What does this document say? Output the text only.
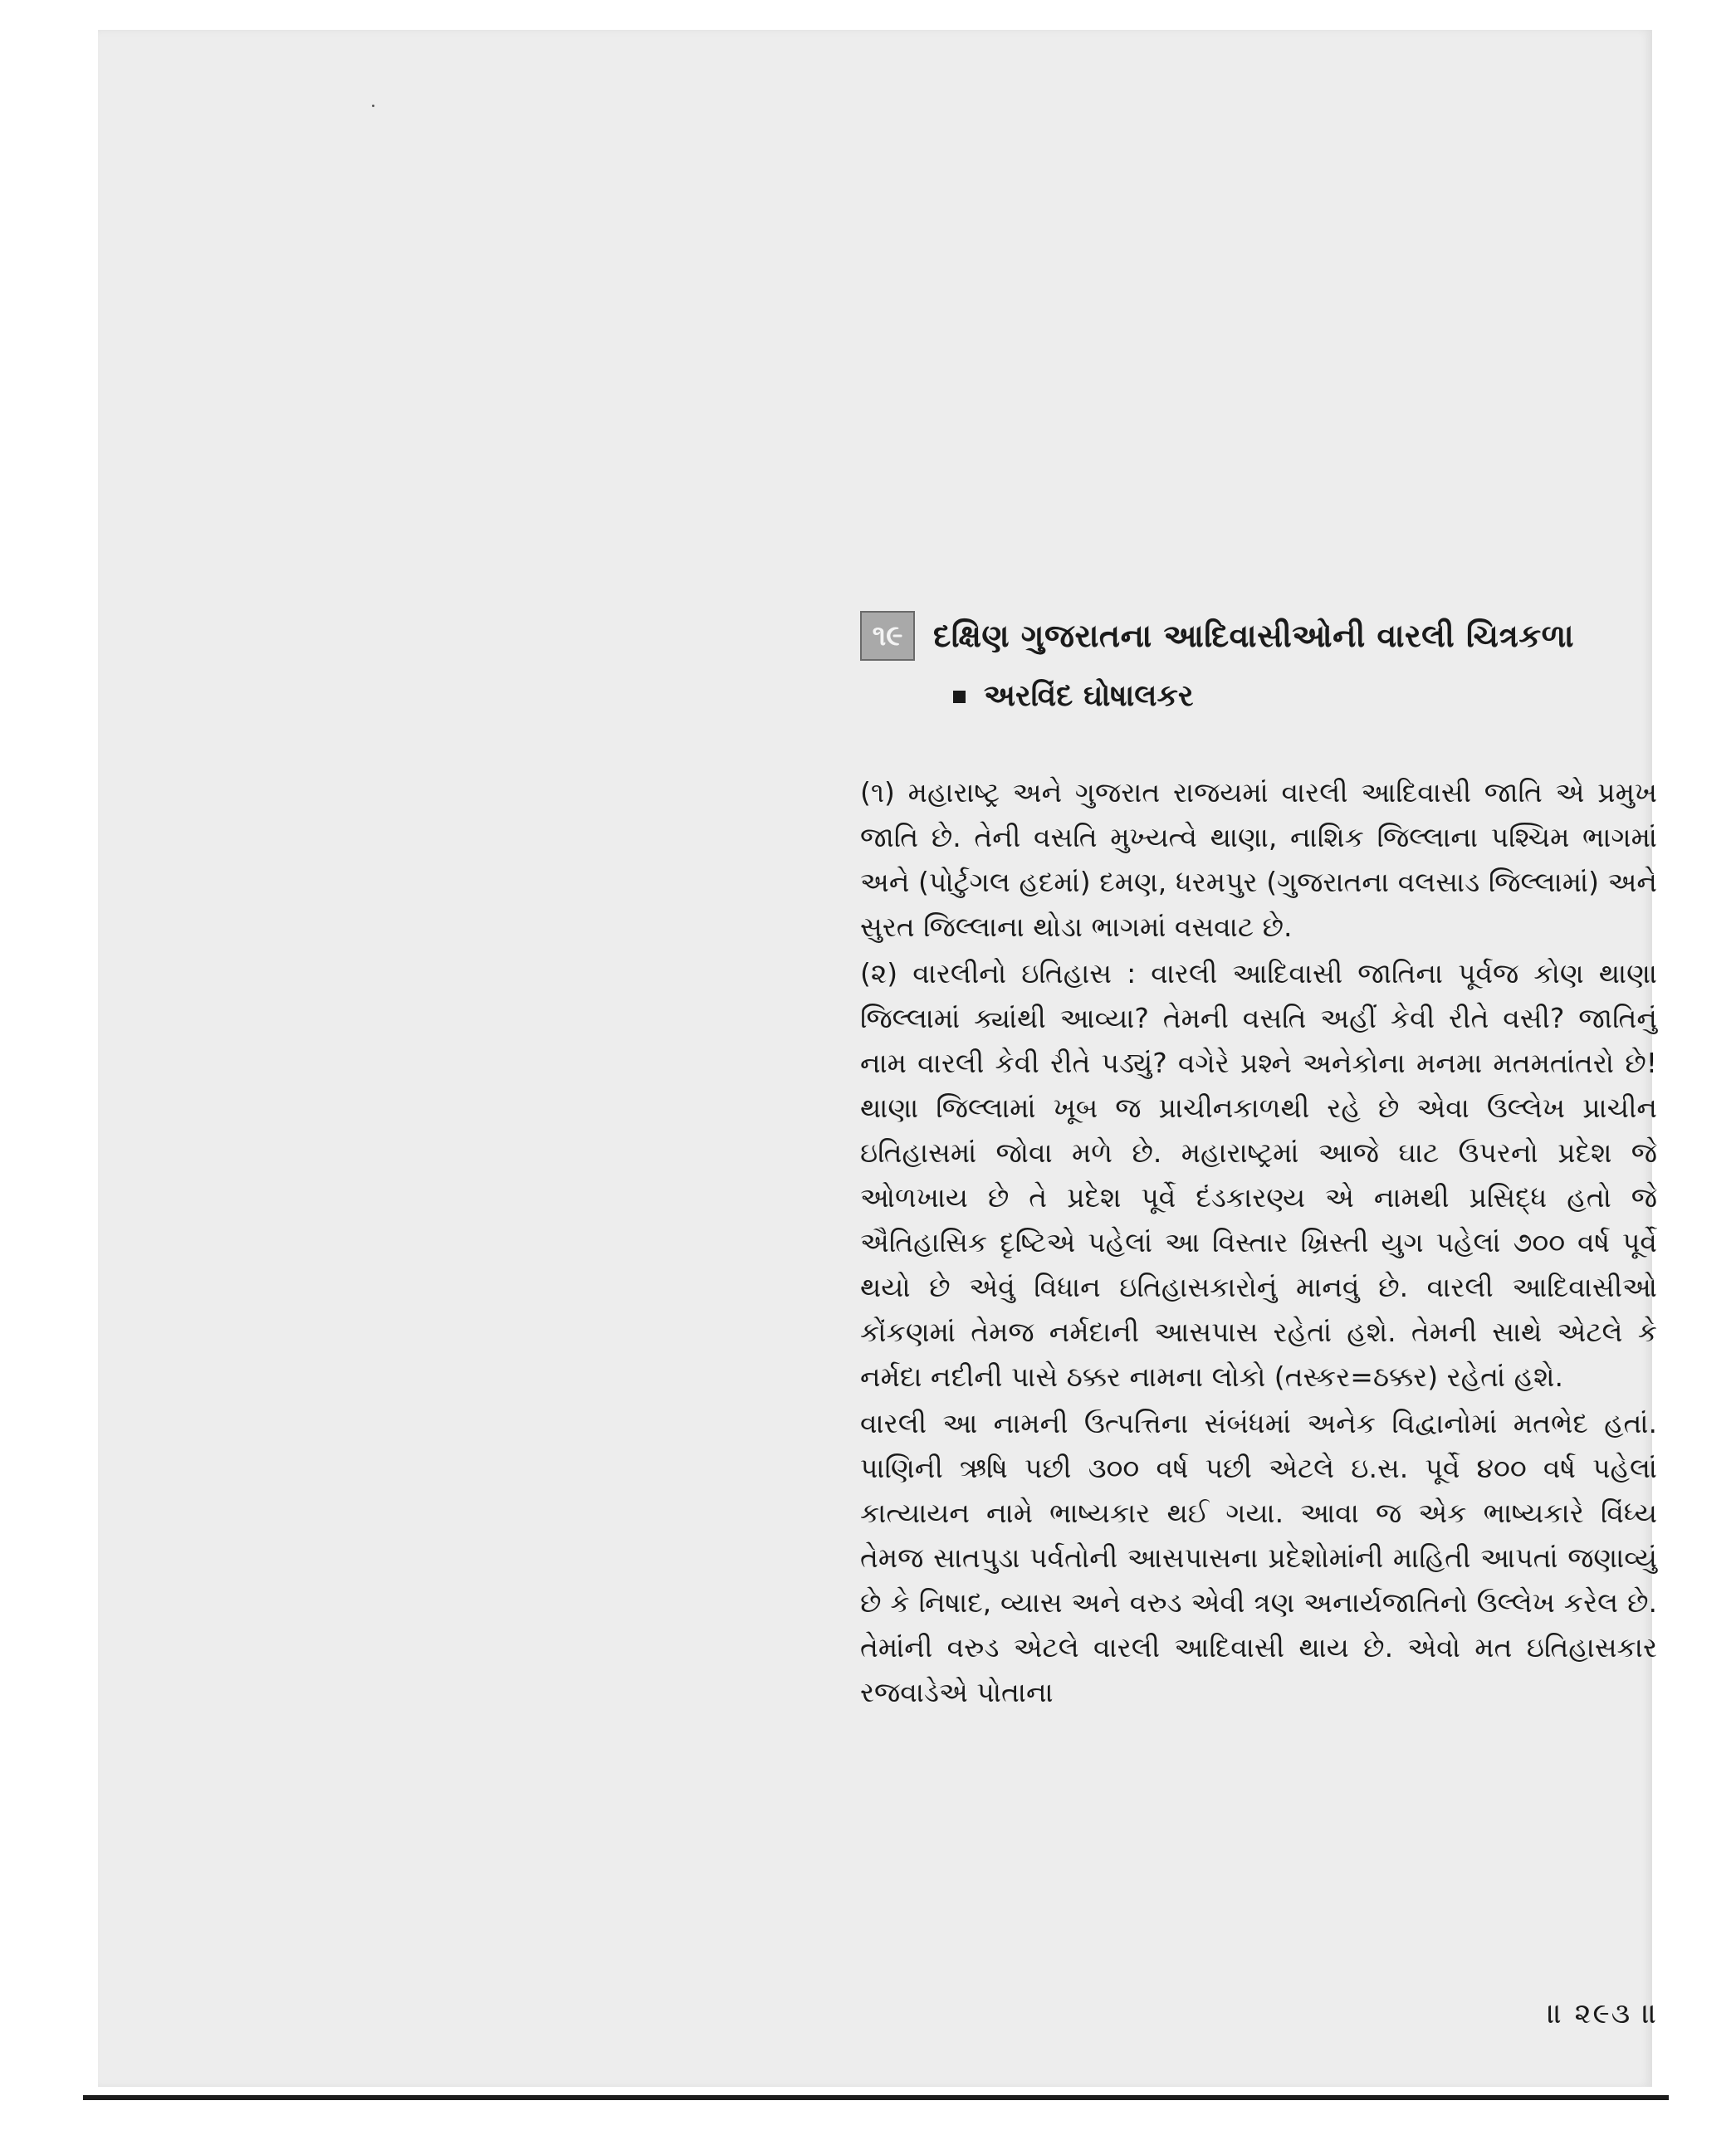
૧૯ દક્ષિણ ગુજરાતના આદિવાસીઓની વારલી ચિત્રકળા
અરવિંદ ઘોષાલકર

(૧) મહારાષ્ટ્ર અને ગુજરાત રાજયમાં વારલી આદિવાસી જાતિ એ પ્રમુખ જાતિ છે. તેની વસતિ મુખ્યત્વે થાણા, નાશિક જિલ્લાના પશ્ચિમ ભાગમાં અને (પોર્ટુગલ હદમાં) દમણ, ધરમપુર (ગુજરાતના વલસાડ જિલ્લામાં) અને સુરત જિલ્લાના થોડા ભાગમાં વસવાટ છે.

(૨) વારલીનો ઇતિહાસ : વારલી આદિવાસી જાતિના પૂર્વજ કોણ થાણા જિલ્લામાં ક્યાંથી આવ્યા? તેમની વસતિ અહીં કેવી રીતે વસી? જાતિનું નામ વારલી કેવી રીતે પડ્યું? વગેરે પ્રશ્ને અનેકોના મનમા મતમતાંતરો છે! થાણા જિલ્લામાં ખૂબ જ પ્રાચીનકાળથી રહે છે એવા ઉલ્લેખ પ્રાચીન ઇતિહાસમાં જોવા મળે છે. મહારાષ્ટ્રમાં આજે ઘાટ ઉપરનો પ્રદેશ જે ઓળખાય છે તે પ્રદેશ પૂર્વે દંડકારણ્ય એ નામથી પ્રસિદ્ધ હતો જે ઐતિહાસિક દૃષ્ટિએ પહેલાં આ વિસ્તાર ખ્રિસ્તી યુગ પહેલાં ૭૦૦ વર્ષ પૂર્વે થયો છે એવું વિધાન ઇતિહાસકારોનું માનવું છે. વારલી આદિવાસીઓ કોંકણમાં તેમજ નર્મદાની આસપાસ રહેતાં હશે. તેમની સાથે એટલે કે નર્મદા નદીની પાસે ઠક્કર નામના લોકો (તસ્કર=ઠક્કર) રહેતાં હશે.

વારલી આ નામની ઉત્પત્તિના સંબંધમાં અનેક વિદ્વાનોમાં મતભેદ હતાં. પાણિની ઋષિ પછી ૩૦૦ વર્ષ પછી એટલે ઇ.સ. પૂર્વે ૪૦૦ વર્ષ પહેલાં કાત્યાયન નામે ભાષ્યકાર થઈ ગયા. આવા જ એક ભાષ્યકારે વિંધ્ય તેમજ સાતપુડા પર્વતોની આસપાસના પ્રદેશોમાંની માહિતી આપતાં જણાવ્યું છે કે નિષાદ, વ્યાસ અને વરુડ એવી ત્રણ અનાર્યજાતિનો ઉલ્લેખ કરેલ છે. તેમાંની વરુડ એટલે વારલી આદિવાસી થાય છે. એવો મત ઇતિહાસકાર રજવાડેએ પોતાના

॥ ૨૯૩ ॥
